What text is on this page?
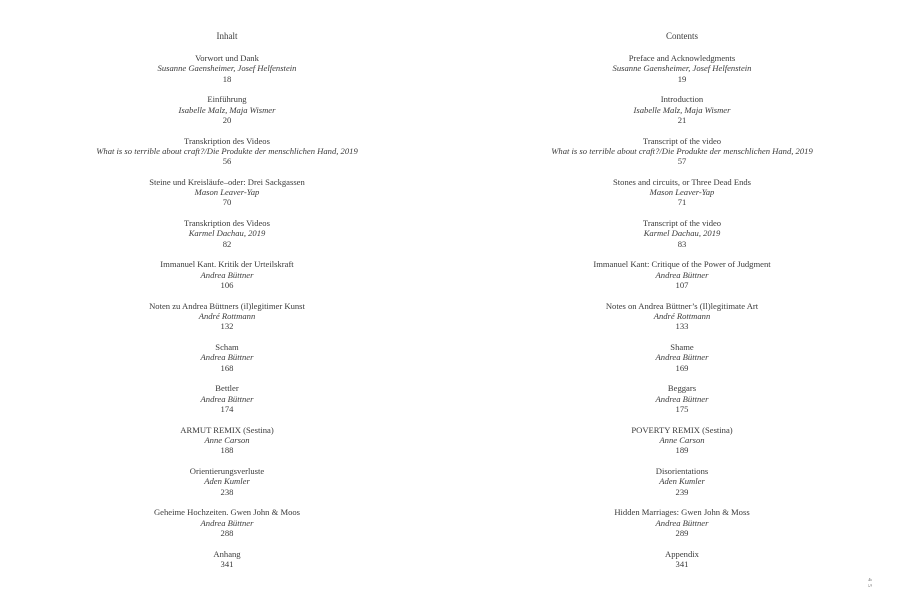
Inhalt
Vorwort und Dank
Susanne Gaensheimer, Josef Helfenstein
18
Einführung
Isabelle Malz, Maja Wismer
20
Transkription des Videos
What is so terrible about craft?/Die Produkte der menschlichen Hand, 2019
56
Steine und Kreisläufe–oder: Drei Sackgassen
Mason Leaver-Yap
70
Transkription des Videos
Karmel Dachau, 2019
82
Immanuel Kant. Kritik der Urteilskraft
Andrea Büttner
106
Noten zu Andrea Büttners (il)legitimer Kunst
André Rottmann
132
Scham
Andrea Büttner
168
Bettler
Andrea Büttner
174
ARMUT REMIX (Sestina)
Anne Carson
188
Orientierungsverluste
Aden Kumler
238
Geheime Hochzeiten. Gwen John & Moos
Andrea Büttner
288
Anhang
341
Contents
Preface and Acknowledgments
Susanne Gaensheimer, Josef Helfenstein
19
Introduction
Isabelle Malz, Maja Wismer
21
Transcript of the video
What is so terrible about craft?/Die Produkte der menschlichen Hand, 2019
57
Stones and circuits, or Three Dead Ends
Mason Leaver-Yap
71
Transcript of the video
Karmel Dachau, 2019
83
Immanuel Kant: Critique of the Power of Judgment
Andrea Büttner
107
Notes on Andrea Büttner’s (Il)legitimate Art
André Rottmann
133
Shame
Andrea Büttner
169
Beggars
Andrea Büttner
175
POVERTY REMIX (Sestina)
Anne Carson
189
Disorientations
Aden Kumler
239
Hidden Marriages: Gwen John & Moss
Andrea Büttner
289
Appendix
341
45
